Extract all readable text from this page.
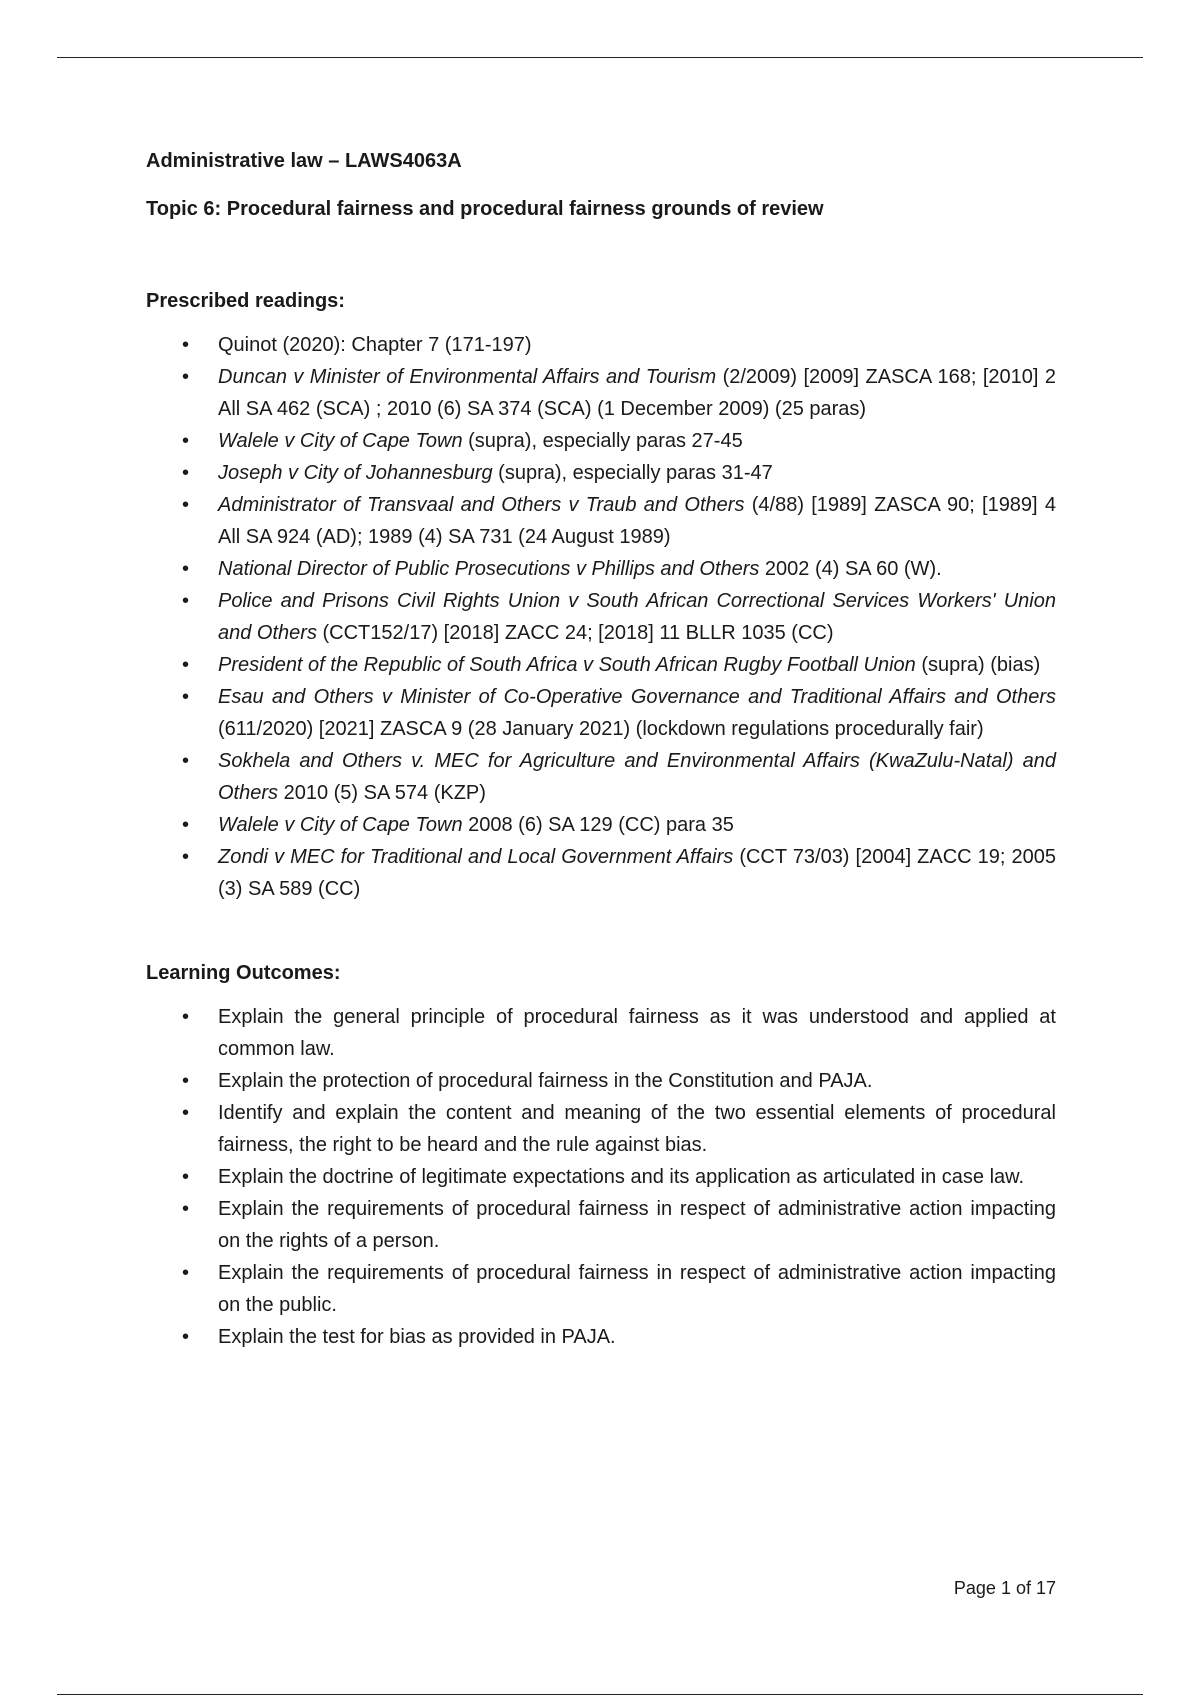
Administrative law – LAWS4063A

Topic 6: Procedural fairness and procedural fairness grounds of review

Prescribed readings:

• Quinot (2020): Chapter 7 (171-197)
• Duncan v Minister of Environmental Affairs and Tourism (2/2009) [2009] ZASCA 168; [2010] 2 All SA 462 (SCA) ; 2010 (6) SA 374 (SCA) (1 December 2009) (25 paras)
• Walele v City of Cape Town (supra), especially paras 27-45
• Joseph v City of Johannesburg (supra), especially paras 31-47
• Administrator of Transvaal and Others v Traub and Others (4/88) [1989] ZASCA 90; [1989] 4 All SA 924 (AD); 1989 (4) SA 731 (24 August 1989)
• National Director of Public Prosecutions v Phillips and Others 2002 (4) SA 60 (W).
• Police and Prisons Civil Rights Union v South African Correctional Services Workers' Union and Others (CCT152/17) [2018] ZACC 24; [2018] 11 BLLR 1035 (CC)
• President of the Republic of South Africa v South African Rugby Football Union (supra) (bias)
• Esau and Others v Minister of Co-Operative Governance and Traditional Affairs and Others (611/2020) [2021] ZASCA 9 (28 January 2021) (lockdown regulations procedurally fair)
• Sokhela and Others v. MEC for Agriculture and Environmental Affairs (KwaZulu-Natal) and Others 2010 (5) SA 574 (KZP)
• Walele v City of Cape Town 2008 (6) SA 129 (CC) para 35
• Zondi v MEC for Traditional and Local Government Affairs (CCT 73/03) [2004] ZACC 19; 2005 (3) SA 589 (CC)

Learning Outcomes:

• Explain the general principle of procedural fairness as it was understood and applied at common law.
• Explain the protection of procedural fairness in the Constitution and PAJA.
• Identify and explain the content and meaning of the two essential elements of procedural fairness, the right to be heard and the rule against bias.
• Explain the doctrine of legitimate expectations and its application as articulated in case law.
• Explain the requirements of procedural fairness in respect of administrative action impacting on the rights of a person.
• Explain the requirements of procedural fairness in respect of administrative action impacting on the public.
• Explain the test for bias as provided in PAJA.
Page 1 of 17
